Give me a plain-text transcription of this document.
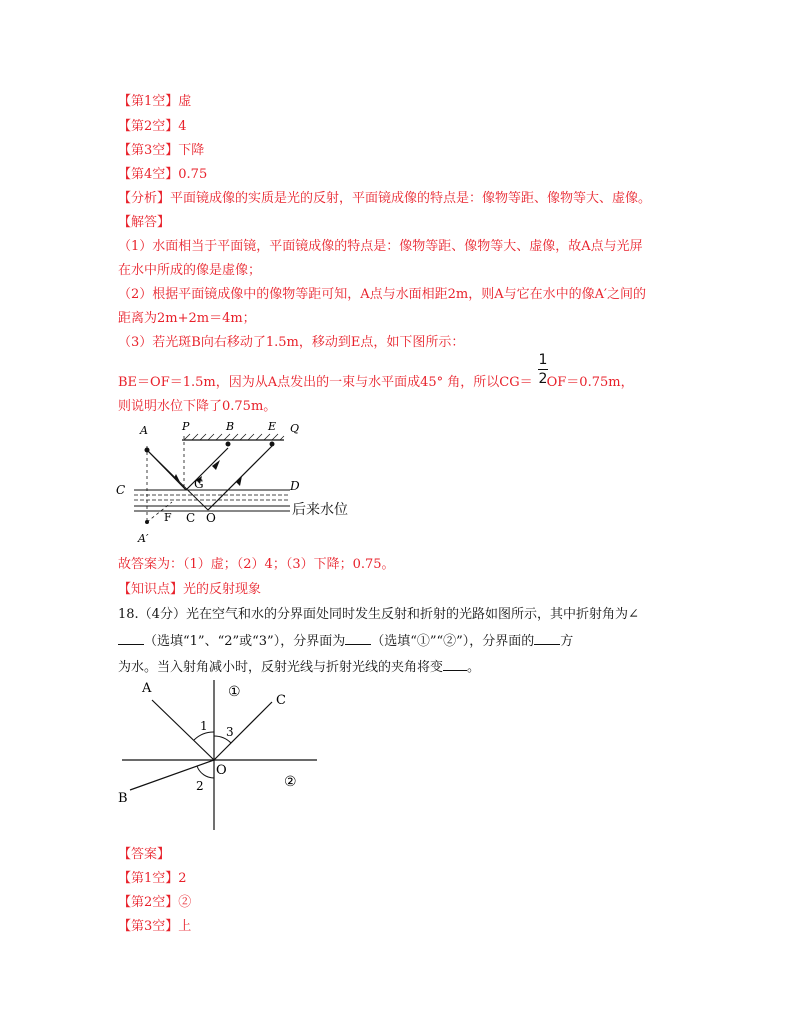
【第1空】虚
【第2空】4
【第3空】下降
【第4空】0.75
【分析】平面镜成像的实质是光的反射，平面镜成像的特点是：像物等距、像物等大、虚像。
【解答】
（1）水面相当于平面镜，平面镜成像的特点是：像物等距、像物等大、虚像，故A点与光屏
在水中所成的像是虚像；
（2）根据平面镜成像中的像物等距可知，A点与水面相距2m，则A与它在水中的像A′之间的
距离为2m+2m＝4m；
（3）若光斑B向右移动了1.5m，移动到E点，如下图所示：
BE＝OF＝1.5m，因为从A点发出的一束与水平面成45° 角，所以CG＝ OF＝0.75m，
1
2
则说明水位下降了0.75m。
A	P	B	E Q
C	D
G
F C O
A′
后来水位
故答案为：（1）虚；（2）4；（3）下降；0.75。
【知识点】光的反射现象
18.（4分）光在空气和水的分界面处同时发生反射和折射的光路如图所示，其中折射角为∠
（选填“1”、“2”或“3”），分界面为 （选填“①”“②”），分界面的 方
为水。当入射角减小时，反射光线与折射光线的夹角将变 。
A
B
C
O
1
2
3
①
②
【答案】
【第1空】2
【第2空】②
【第3空】上
